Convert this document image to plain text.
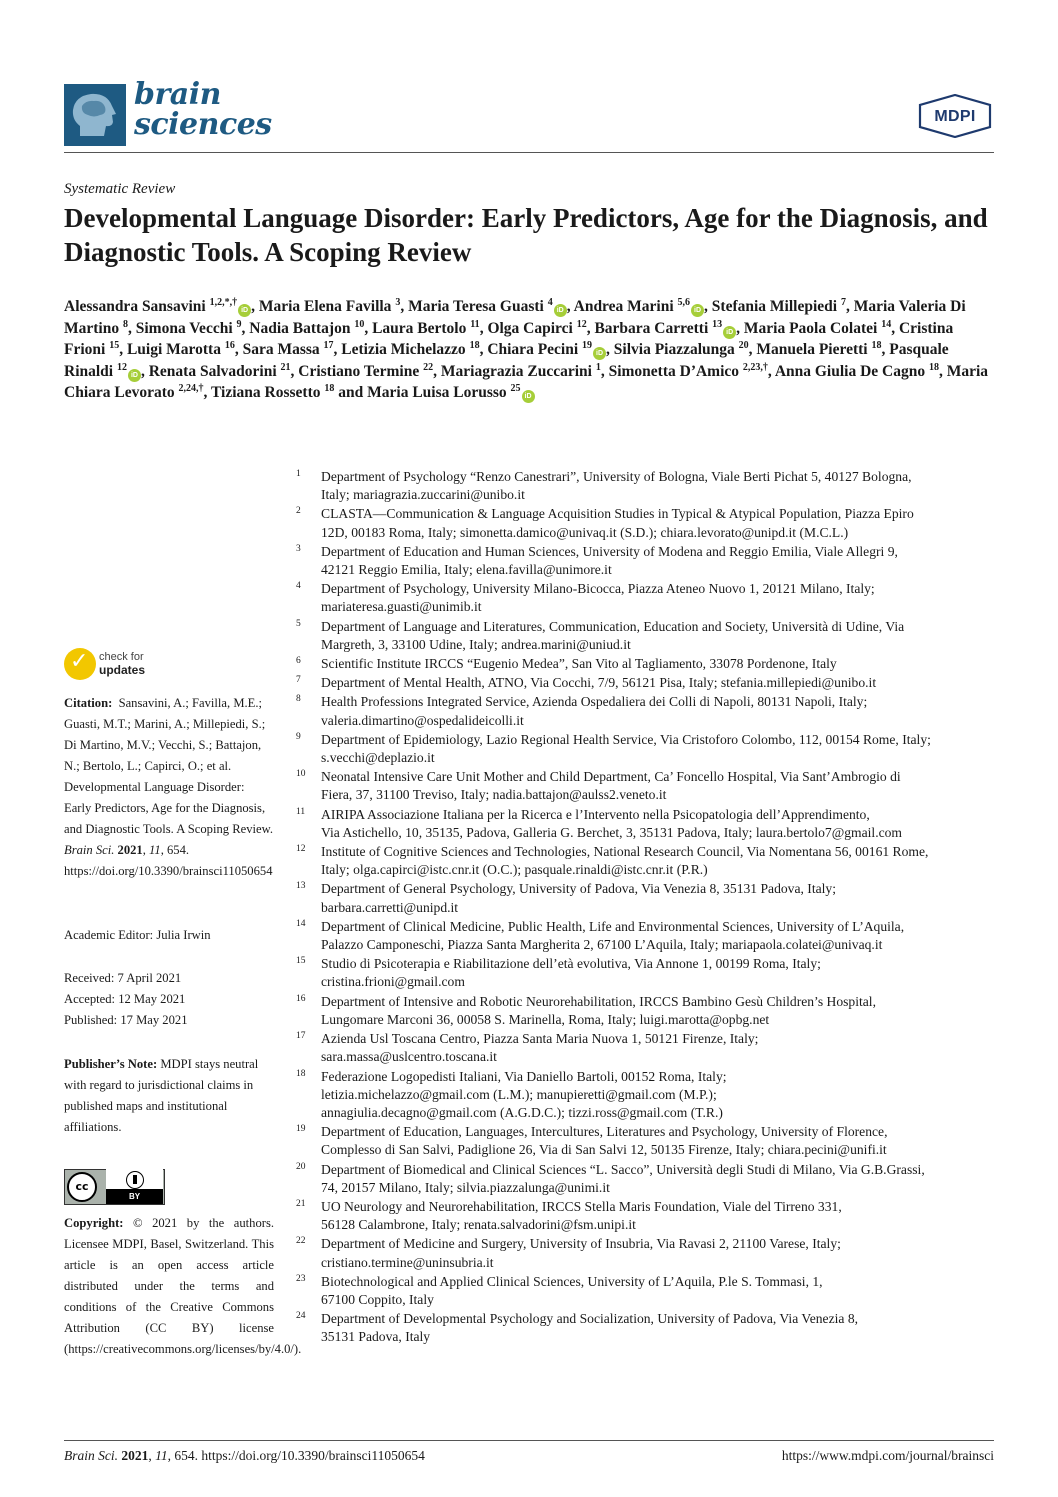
brain
sciences	MDPI
Systematic Review
Developmental Language Disorder: Early Predictors, Age for the Diagnosis, and Diagnostic Tools. A Scoping Review
Alessandra Sansavini $^{1,2,*,\dagger}$iD , Maria Elena Favilla $^3$, Maria Teresa Guasti $^4$iD , Andrea Marini $^{5,6}$iD , Stefania Millepiedi $^7$, Maria Valeria Di Martino $^8$, Simona Vecchi $^9$, Nadia Battajon $^{10}$, Laura Bertolo $^{11}$, Olga Capirci $^{12}$, Barbara Carretti $^{13}$iD , Maria Paola Colatei $^{14}$, Cristina Frioni $^{15}$, Luigi Marotta $^{16}$, Sara Massa $^{17}$, Letizia Michelazzo $^{18}$, Chiara Pecini $^{19}$iD , Silvia Piazzalunga $^{20}$, Manuela Pieretti $^{18}$, Pasquale Rinaldi $^{12}$iD , Renata Salvadorini $^{21}$, Cristiano Termine $^{22}$, Mariagrazia Zuccarini $^1$, Simonetta D’Amico $^{2,23,\dagger}$, Anna Giulia De Cagno $^{18}$, Maria Chiara Levorato $^{2,24,\dagger}$, Tiziana Rossetto $^{18}$ and Maria Luisa Lorusso $^{25}$iD
1	Department of Psychology “Renzo Canestrari”, University of Bologna, Viale Berti Pichat 5, 40127 Bologna,
Italy; mariagrazia.zuccarini@unibo.it
2	CLASTA—Communication & Language Acquisition Studies in Typical & Atypical Population, Piazza Epiro
12D, 00183 Roma, Italy; simonetta.damico@univaq.it (S.D.); chiara.levorato@unipd.it (M.C.L.)
3	Department of Education and Human Sciences, University of Modena and Reggio Emilia, Viale Allegri 9,
42121 Reggio Emilia, Italy; elena.favilla@unimore.it
4	Department of Psychology, University Milano-Bicocca, Piazza Ateneo Nuovo 1, 20121 Milano, Italy;
mariateresa.guasti@unimib.it
5	Department of Language and Literatures, Communication, Education and Society, Università di Udine, Via
Margreth, 3, 33100 Udine, Italy; andrea.marini@uniud.it
6	Scientific Institute IRCCS “Eugenio Medea”, San Vito al Tagliamento, 33078 Pordenone, Italy
7	Department of Mental Health, ATNO, Via Cocchi, 7/9, 56121 Pisa, Italy; stefania.millepiedi@unibo.it
8	Health Professions Integrated Service, Azienda Ospedaliera dei Colli di Napoli, 80131 Napoli, Italy;
valeria.dimartino@ospedalideicolli.it
9	Department of Epidemiology, Lazio Regional Health Service, Via Cristoforo Colombo, 112, 00154 Rome, Italy;
s.vecchi@deplazio.it
10	Neonatal Intensive Care Unit Mother and Child Department, Ca’ Foncello Hospital, Via Sant’Ambrogio di
Fiera, 37, 31100 Treviso, Italy; nadia.battajon@aulss2.veneto.it
11	AIRIPA Associazione Italiana per la Ricerca e l’Intervento nella Psicopatologia dell’Apprendimento,
Via Astichello, 10, 35135, Padova, Galleria G. Berchet, 3, 35131 Padova, Italy; laura.bertolo7@gmail.com
12	Institute of Cognitive Sciences and Technologies, National Research Council, Via Nomentana 56, 00161 Rome,
Italy; olga.capirci@istc.cnr.it (O.C.); pasquale.rinaldi@istc.cnr.it (P.R.)
13	Department of General Psychology, University of Padova, Via Venezia 8, 35131 Padova, Italy;
barbara.carretti@unipd.it
14	Department of Clinical Medicine, Public Health, Life and Environmental Sciences, University of L’Aquila,
Palazzo Camponeschi, Piazza Santa Margherita 2, 67100 L’Aquila, Italy; mariapaola.colatei@univaq.it
15	Studio di Psicoterapia e Riabilitazione dell’età evolutiva, Via Annone 1, 00199 Roma, Italy;
cristina.frioni@gmail.com
16	Department of Intensive and Robotic Neurorehabilitation, IRCCS Bambino Gesù Children’s Hospital,
Lungomare Marconi 36, 00058 S. Marinella, Roma, Italy; luigi.marotta@opbg.net
17	Azienda Usl Toscana Centro, Piazza Santa Maria Nuova 1, 50121 Firenze, Italy;
sara.massa@uslcentro.toscana.it
18	Federazione Logopedisti Italiani, Via Daniello Bartoli, 00152 Roma, Italy;
letizia.michelazzo@gmail.com (L.M.); manupieretti@gmail.com (M.P.);
annagiulia.decagno@gmail.com (A.G.D.C.); tizzi.ross@gmail.com (T.R.)
19	Department of Education, Languages, Intercultures, Literatures and Psychology, University of Florence,
Complesso di San Salvi, Padiglione 26, Via di San Salvi 12, 50135 Firenze, Italy; chiara.pecini@unifi.it
20	Department of Biomedical and Clinical Sciences “L. Sacco”, Università degli Studi di Milano, Via G.B.Grassi,
74, 20157 Milano, Italy; silvia.piazzalunga@unimi.it
21	UO Neurology and Neurorehabilitation, IRCCS Stella Maris Foundation, Viale del Tirreno 331,
56128 Calambrone, Italy; renata.salvadorini@fsm.unipi.it
22	Department of Medicine and Surgery, University of Insubria, Via Ravasi 2, 21100 Varese, Italy;
cristiano.termine@uninsubria.it
23	Biotechnological and Applied Clinical Sciences, University of L’Aquila, P.le S. Tommasi, 1,
67100 Coppito, Italy
24	Department of Developmental Psychology and Socialization, University of Padova, Via Venezia 8,
35131 Padova, Italy
✓ check for
updates
Citation: Sansavini, A.; Favilla, M.E.; Guasti, M.T.; Marini, A.; Millepiedi, S.; Di Martino, M.V.; Vecchi, S.; Battajon, N.; Bertolo, L.; Capirci, O.; et al. Developmental Language Disorder: Early Predictors, Age for the Diagnosis, and Diagnostic Tools. A Scoping Review. Brain Sci. 2021, 11, 654. https://doi.org/10.3390/brainsci11050654
Academic Editor: Julia Irwin
Received: 7 April 2021
Accepted: 12 May 2021
Published: 17 May 2021
Publisher’s Note: MDPI stays neutral with regard to jurisdictional claims in published maps and institutional affiliations.
cc
BY
Copyright: © 2021 by the authors. Licensee MDPI, Basel, Switzerland. This article is an open access article distributed under the terms and conditions of the Creative Commons Attribution (CC BY) license (https://creativecommons.org/licenses/by/4.0/).
Brain Sci. 2021, 11, 654. https://doi.org/10.3390/brainsci11050654	https://www.mdpi.com/journal/brainsci
